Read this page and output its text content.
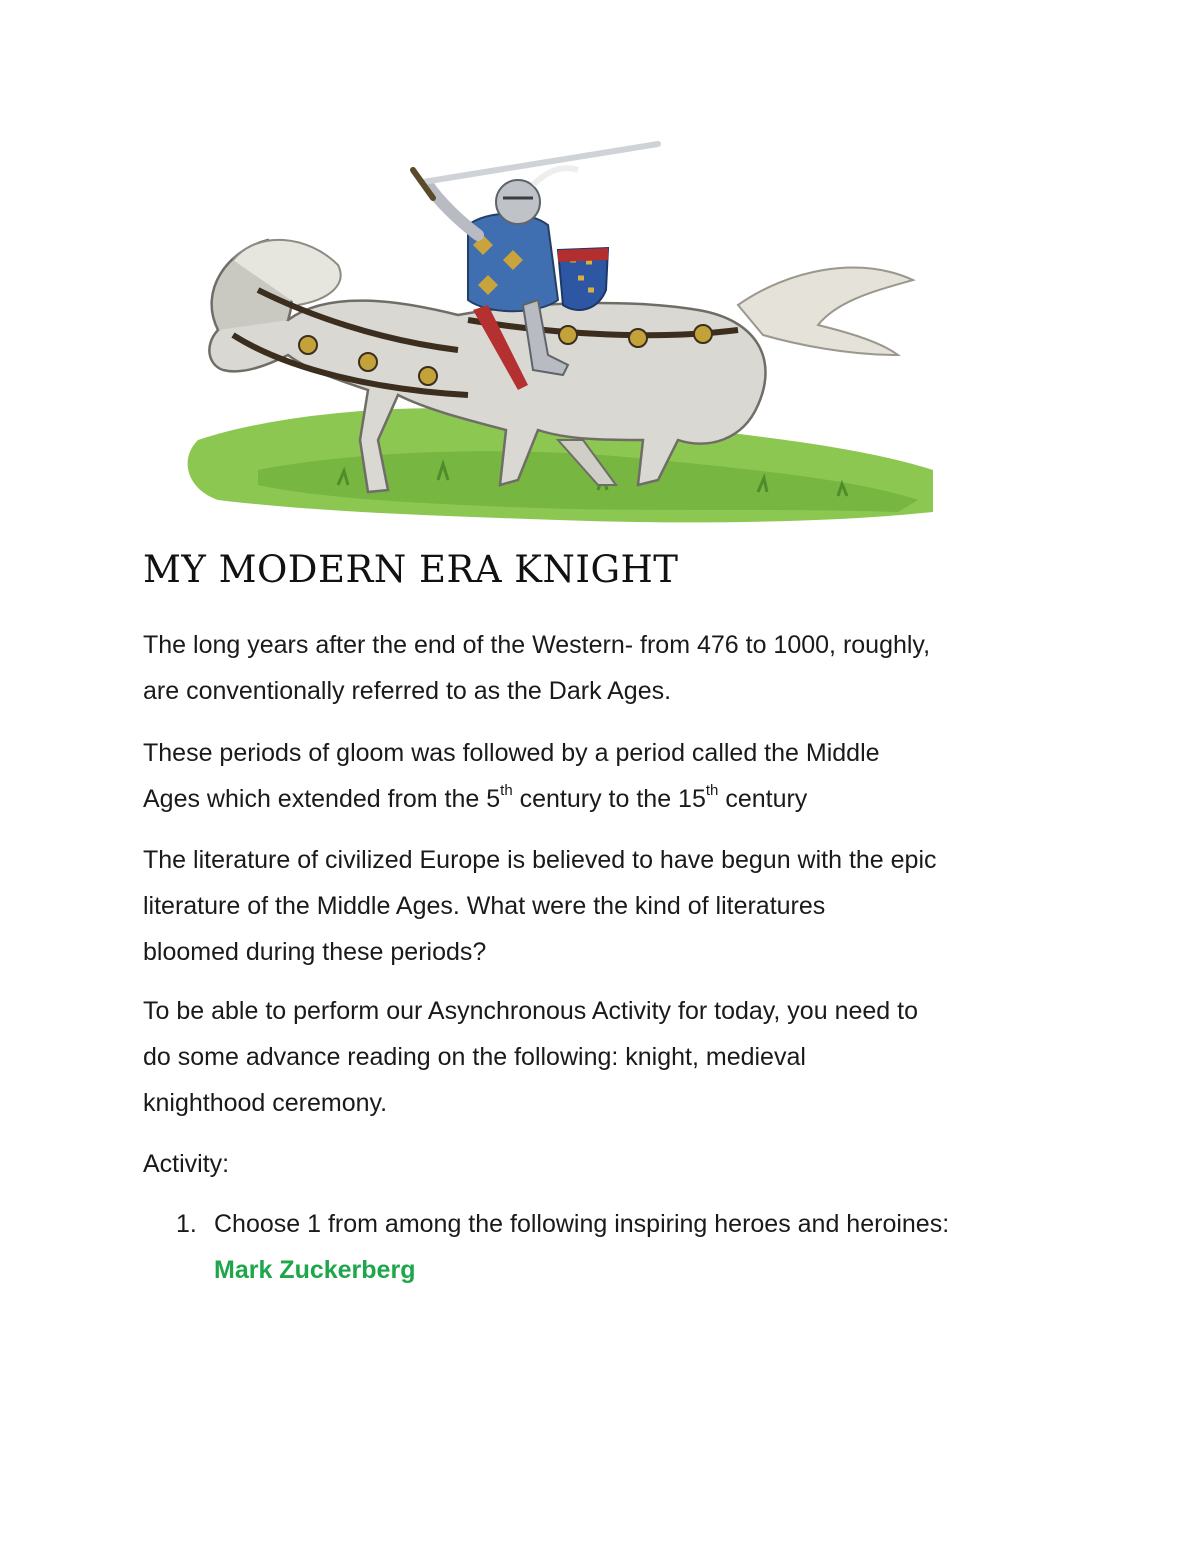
MY MODERN ERA KNIGHT

The long years after the end of the Western- from 476 to 1000, roughly,
are conventionally referred to as the Dark Ages.

These periods of gloom was followed by a period called the Middle
Ages which extended from the 5th century to the 15th century

The literature of civilized Europe is believed to have begun with the epic
literature of the Middle Ages. What were the kind of literatures
bloomed during these periods?

To be able to perform our Asynchronous Activity for today, you need to
do some advance reading on the following: knight, medieval
knighthood ceremony.

Activity:

1. Choose 1 from among the following inspiring heroes and heroines:
Mark Zuckerberg
